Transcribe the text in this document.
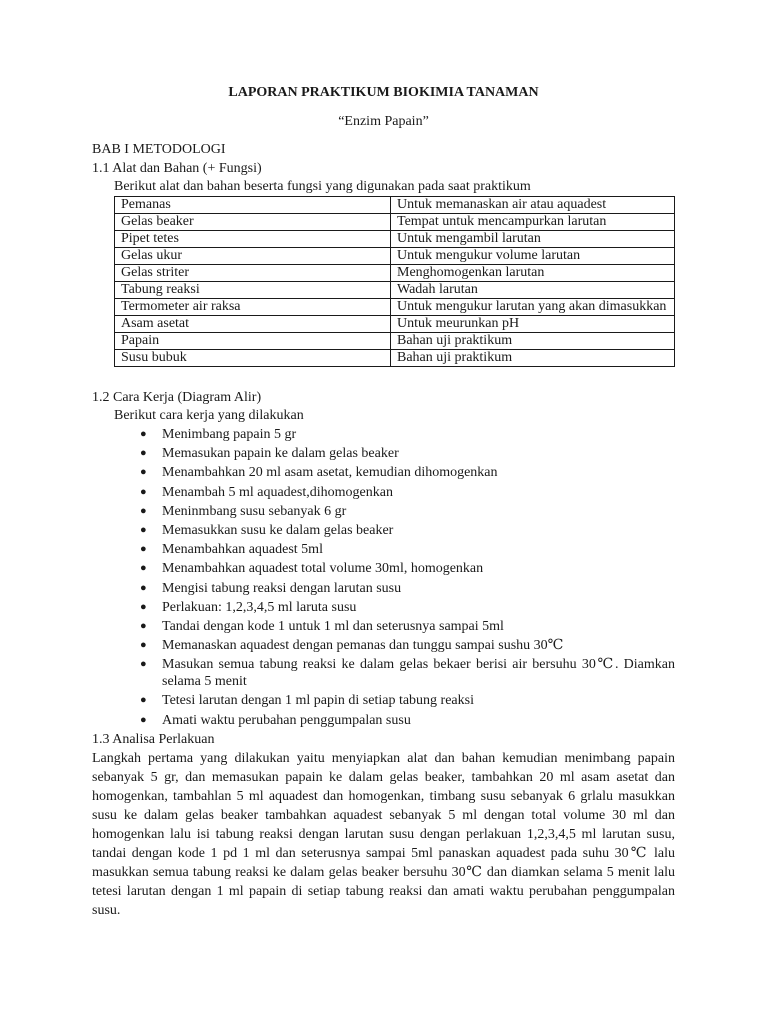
LAPORAN PRAKTIKUM BIOKIMIA TANAMAN
“Enzim Papain”
BAB I METODOLOGI
1.1 Alat dan Bahan (+ Fungsi)
Berikut alat dan bahan beserta fungsi yang digunakan pada saat praktikum
Pemanas	Untuk memanaskan air atau aquadest
Gelas beaker	Tempat untuk mencampurkan larutan
Pipet tetes	Untuk mengambil larutan
Gelas ukur	Untuk mengukur volume larutan
Gelas striter	Menghomogenkan larutan
Tabung reaksi	Wadah larutan
Termometer air raksa	Untuk mengukur larutan yang akan dimasukkan
Asam asetat	Untuk meurunkan pH
Papain	Bahan uji praktikum
Susu bubuk	Bahan uji praktikum
1.2 Cara Kerja (Diagram Alir)
Berikut cara kerja yang dilakukan
● Menimbang papain 5 gr
● Memasukan papain ke dalam gelas beaker
● Menambahkan 20 ml asam asetat, kemudian dihomogenkan
● Menambah 5 ml aquadest,dihomogenkan
● Meninmbang susu sebanyak 6 gr
● Memasukkan susu ke dalam gelas beaker
● Menambahkan aquadest 5ml
● Menambahkan aquadest total volume 30ml, homogenkan
● Mengisi tabung reaksi dengan larutan susu
● Perlakuan: 1,2,3,4,5 ml laruta susu
● Tandai dengan kode 1 untuk 1 ml dan seterusnya sampai 5ml
● Memanaskan aquadest dengan pemanas dan tunggu sampai sushu 30℃
● Masukan semua tabung reaksi ke dalam gelas bekaer berisi air bersuhu 30℃. Diamkan selama 5 menit
● Tetesi larutan dengan 1 ml papin di setiap tabung reaksi
● Amati waktu perubahan penggumpalan susu
1.3 Analisa Perlakuan
Langkah pertama yang dilakukan yaitu menyiapkan alat dan bahan kemudian menimbang papain sebanyak 5 gr, dan memasukan papain ke dalam gelas beaker, tambahkan 20 ml asam asetat dan homogenkan, tambahlan 5 ml aquadest dan homogenkan, timbang susu sebanyak 6 grlalu masukkan susu ke dalam gelas beaker tambahkan aquadest sebanyak 5 ml dengan total volume 30 ml dan homogenkan lalu isi tabung reaksi dengan larutan susu dengan perlakuan 1,2,3,4,5 ml larutan susu, tandai dengan kode 1 pd 1 ml dan seterusnya sampai 5ml panaskan aquadest pada suhu 30℃ lalu masukkan semua tabung reaksi ke dalam gelas beaker bersuhu 30℃ dan diamkan selama 5 menit lalu tetesi larutan dengan 1 ml papain di setiap tabung reaksi dan amati waktu perubahan penggumpalan susu.
